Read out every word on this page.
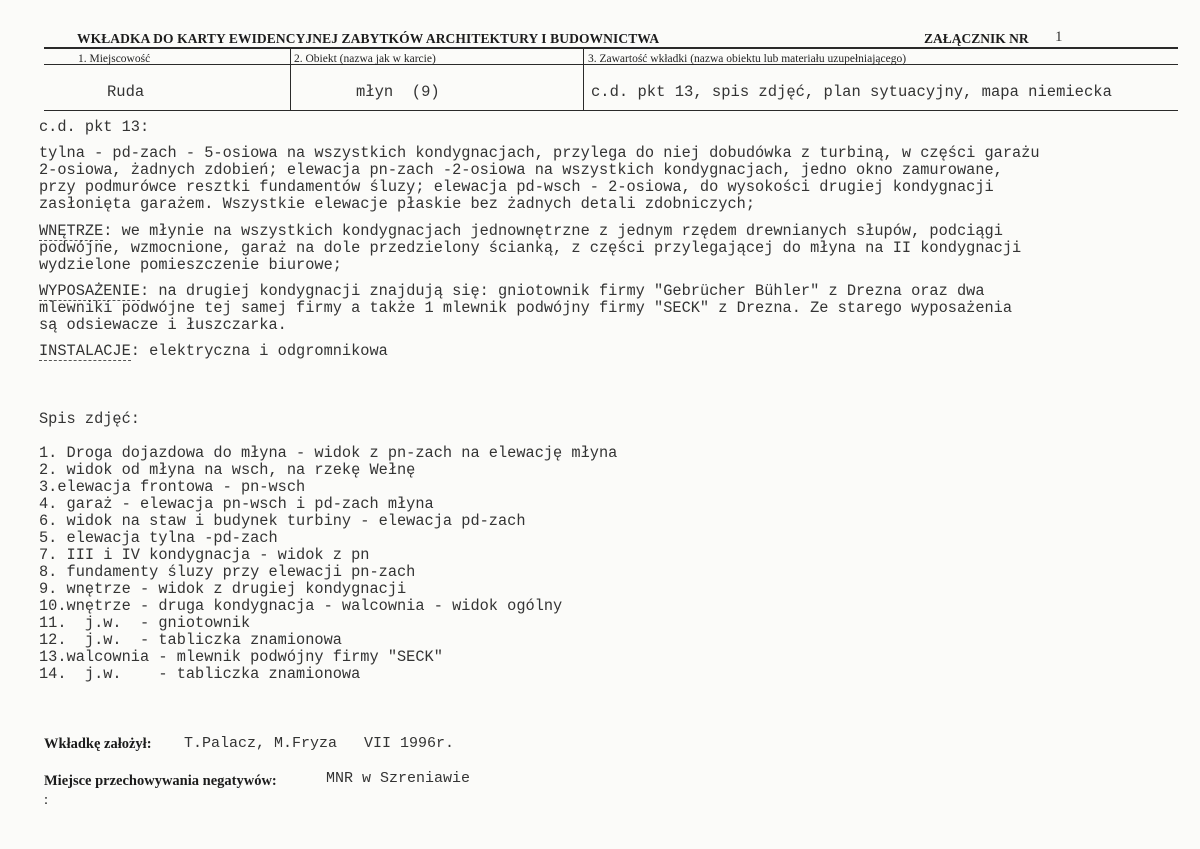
WKŁADKA DO KARTY EWIDENCYJNEJ ZABYTKÓW ARCHITEKTURY I BUDOWNICTWA	ZAŁĄCZNIK NR 1
1. Miejscowość	2. Obiekt (nazwa jak w karcie)	3. Zawartość wkładki (nazwa obiektu lub materiału uzupełniającego)
Ruda	młyn  (9)	c.d. pkt 13, spis zdjęć, plan sytuacyjny, mapa niemiecka
c.d. pkt 13:
tylna - pd-zach - 5-osiowa na wszystkich kondygnacjach, przylega do niej dobudówka z turbiną, w części garażu
2-osiowa, żadnych zdobień; elewacja pn-zach -2-osiowa na wszystkich kondygnacjach, jedno okno zamurowane,
przy podmurówce resztki fundamentów śluzy; elewacja pd-wsch - 2-osiowa, do wysokości drugiej kondygnacji
zasłonięta garażem. Wszystkie elewacje płaskie bez żadnych detali zdobniczych;
WNĘTRZE: we młynie na wszystkich kondygnacjach jednownętrzne z jednym rzędem drewnianych słupów, podciągi
podwójne, wzmocnione, garaż na dole przedzielony ścianką, z części przylegającej do młyna na II kondygnacji
wydzielone pomieszczenie biurowe;
WYPOSAŻENIE: na drugiej kondygnacji znajdują się: gniotownik firmy "Gebrücher Bühler" z Drezna oraz dwa
mlewniki podwójne tej samej firmy a także 1 mlewnik podwójny firmy "SECK" z Drezna. Ze starego wyposażenia
są odsiewacze i łuszczarka.
INSTALACJE: elektryczna i odgromnikowa
Spis zdjęć:
1. Droga dojazdowa do młyna - widok z pn-zach na elewację młyna
2. widok od młyna na wsch, na rzekę Wełnę
3.elewacja frontowa - pn-wsch
4. garaż - elewacja pn-wsch i pd-zach młyna
6. widok na staw i budynek turbiny - elewacja pd-zach
5. elewacja tylna -pd-zach
7. III i IV kondygnacja - widok z pn
8. fundamenty śluzy przy elewacji pn-zach
9. wnętrze - widok z drugiej kondygnacji
10.wnętrze - druga kondygnacja - walcownia - widok ogólny
11.  j.w.  - gniotownik
12.  j.w.  - tabliczka znamionowa
13.walcownia - mlewnik podwójny firmy "SECK"
14.  j.w.    - tabliczka znamionowa
Wkładkę założył: T.Palacz, M.Fryza   VII 1996r.
Miejsce przechowywania negatywów:	MNR w Szreniawie
:
